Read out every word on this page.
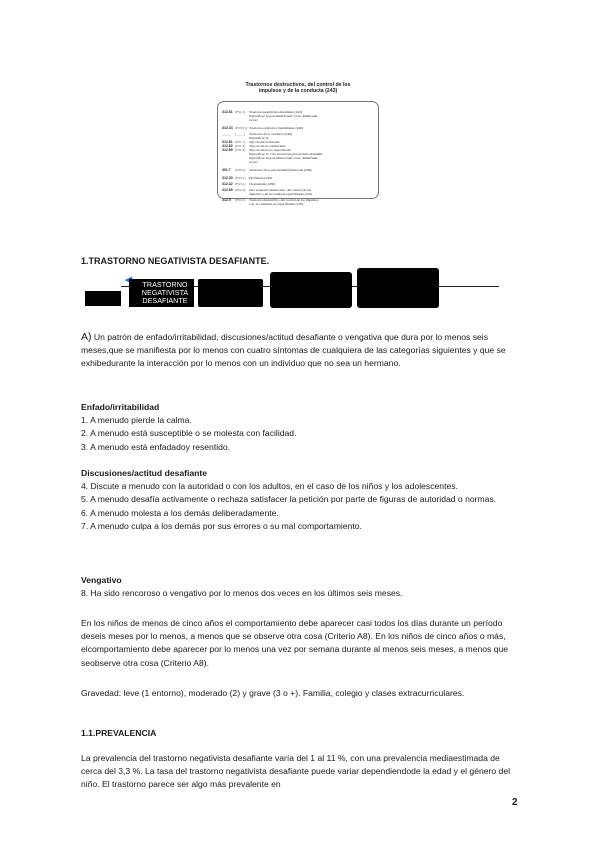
Trastornos destructivos, del control de los
impulsos y de la conducta (243)
312.81 (F91.3) Trastorno negativista desafiante (243)
Especificar la gravedad actual: Leve, Moderado,
Grave
312.34 (F63.81) Trastorno explosivo intermitente (246)
___._ (___._) Trastorno de la conducta (246)
Especificar si:
312.81 (F91.1) Tipo de inicio infantil
312.82 (F91.2) Tipo de inicio adolescente
312.89 (F91.9) Tipo de inicio no especificado
Especificar si: Con emociones prosociales limitadas
Especificar la gravedad actual: Leve, Moderado,
Grave
301.7 (F60.2) Trastorno de la personalidad antisocial (249)
312.33 (F63.1) Piromanía (249)
312.32 (F63.2) Cleptomanía (250)
312.89 (F91.8) Otro trastorno destructivo, del control de los
impulsos y de la conducta especificado (250)
312.9 (F91.9) Trastorno destructivo, del control de los impulsos
y de la conducta no especificado (250)
1.TRASTORNO NEGATIVISTA DESAFIANTE.
TRASTORNO NEGATIVISTA DESAFIANTE

A) Un patrón de enfado/irritabilidad, discusiones/actitud desafiante o vengativa que dura por lo menos seis meses,que se manifiesta por lo menos con cuatro síntomas de cualquiera de las categorías siguientes y que se exhibedurante la interacción por lo menos con un individuo que no sea un hermano.

Enfado/irritabilidad

1. A menudo pierde la calma.

2. A menudo está susceptible o se molesta con facilidad.

3. A menudo está enfadadoy resentido.

Discusiones/actitud desafiante

4. Discute a menudo con la autoridad o con los adultos, en el caso de los niños y los adolescentes.

5. A menudo desafía activamente o rechaza satisfacer la petición por parte de figuras de autoridad o normas.

6. A menudo molesta a los demás deliberadamente.

7. A menudo culpa a los demás por sus errores o su mal comportamiento.

Vengativo

8. Ha sido rencoroso o vengativo por lo menos dos veces en los últimos seis meses.

En los niños de menos de cinco años el comportamiento debe aparecer casi todos los días durante un período deseis meses por lo menos, a menos que se observe otra cosa (Criterio A8). En los niños de cinco años o más, elcomportamiento debe aparecer por lo menos una vez por semana durante al menos seis meses, a menos que seobserve otra cosa (Criterio A8).

Gravedad: leve (1 entorno), moderado (2) y grave (3 o +). Familia, colegio y clases extracurriculares.

1.1.PREVALENCIA

La prevalencia del trastorno negativista desafiante varía del 1 al 11 %, con una prevalencia mediaestimada de cerca del 3,3 %. La tasa del trastorno negativista desafiante puede variar dependiendode la edad y el género del niño. El trastorno parece ser algo más prevalente en

2
